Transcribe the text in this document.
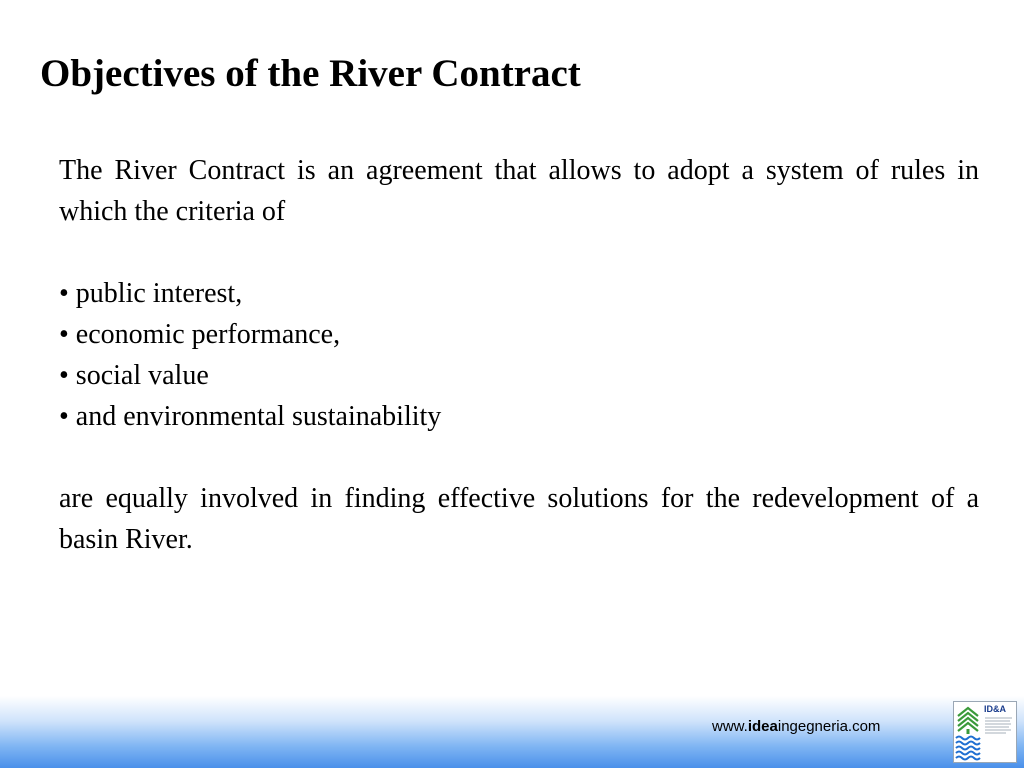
Objectives of the River Contract

The River Contract is an agreement that allows to adopt a system of rules in which the criteria of

• public interest,
• economic performance,
• social value
• and environmental sustainability

are equally involved in finding effective solutions for the redevelopment of a basin River.

www.ideaingegneria.com
ID&A
